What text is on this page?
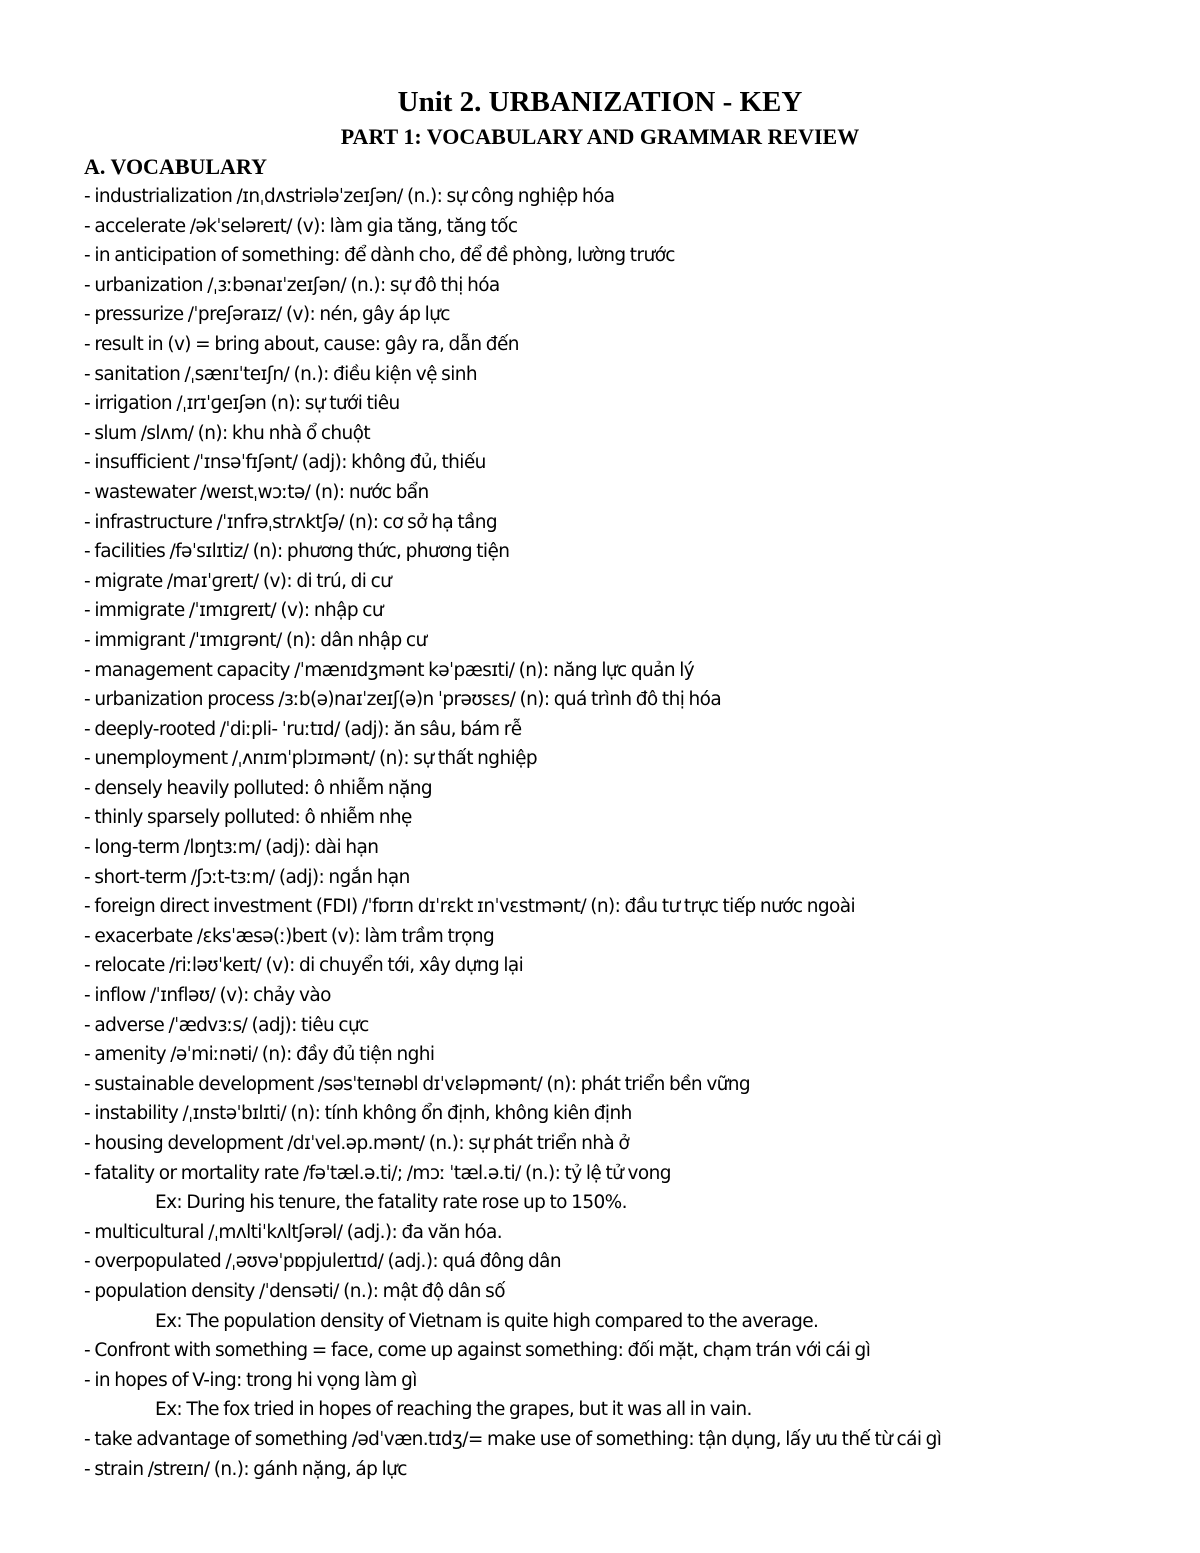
Unit 2. URBANIZATION - KEY
PART 1: VOCABULARY AND GRAMMAR REVIEW
A. VOCABULARY
- industrialization /ɪnˌdʌstriələˈzeɪʃən/ (n.): sự công nghiệp hóa
- accelerate /əkˈseləreɪt/ (v): làm gia tăng, tăng tốc
- in anticipation of something: để dành cho, để đề phòng, lường trước
- urbanization /ˌɜːbənaɪˈzeɪʃən/ (n.): sự đô thị hóa
- pressurize /ˈpreʃəraɪz/ (v): nén, gây áp lực
- result in (v) = bring about, cause: gây ra, dẫn đến
- sanitation /ˌsænɪˈteɪʃn/ (n.): điều kiện vệ sinh
- irrigation /ˌɪrɪˈɡeɪʃən (n): sự tưới tiêu
- slum /slʌm/ (n): khu nhà ổ chuột
- insufficient /ˈɪnsəˈfɪʃənt/ (adj): không đủ, thiếu
- wastewater /weɪstˌwɔːtə/ (n): nước bẩn
- infrastructure /ˈɪnfrəˌstrʌktʃə/ (n): cơ sở hạ tầng
- facilities /fəˈsɪlɪtiz/ (n): phương thức, phương tiện
- migrate /maɪˈɡreɪt/ (v): di trú, di cư
- immigrate /ˈɪmɪɡreɪt/ (v): nhập cư
- immigrant /ˈɪmɪɡrənt/ (n): dân nhập cư
- management capacity /ˈmænɪdʒmənt kəˈpæsɪti/ (n): năng lực quản lý
- urbanization process /ɜːb(ə)naɪˈzeɪʃ(ə)n ˈprəʊsɛs/ (n): quá trình đô thị hóa
- deeply-rooted /ˈdiːpli- ˈruːtɪd/ (adj): ăn sâu, bám rễ
- unemployment /ˌʌnɪmˈplɔɪmənt/ (n): sự thất nghiệp
- densely heavily polluted: ô nhiễm nặng
- thinly sparsely polluted: ô nhiễm nhẹ
- long-term /lɒŋtɜːm/ (adj): dài hạn
- short-term /ʃɔːt-tɜːm/ (adj): ngắn hạn
- foreign direct investment (FDI) /ˈfɒrɪn dɪˈrɛkt ɪnˈvɛstmənt/ (n): đầu tư trực tiếp nước ngoài
- exacerbate /ɛksˈæsə(ː)beɪt (v): làm trầm trọng
- relocate /riːləʊˈkeɪt/ (v): di chuyển tới, xây dựng lại
- inflow /ˈɪnfləʊ/ (v): chảy vào
- adverse /ˈædvɜːs/ (adj): tiêu cực
- amenity /əˈmiːnəti/ (n): đầy đủ tiện nghi
- sustainable development /səsˈteɪnəbl dɪˈvɛləpmənt/ (n): phát triển bền vững
- instability /ˌɪnstəˈbɪlɪti/ (n): tính không ổn định, không kiên định
- housing development /dɪˈvel.əp.mənt/ (n.): sự phát triển nhà ở
- fatality or mortality rate /fəˈtæl.ə.ti/; /mɔː ˈtæl.ə.ti/ (n.): tỷ lệ tử vong
Ex: During his tenure, the fatality rate rose up to 150%.
- multicultural /ˌmʌltiˈkʌltʃərəl/ (adj.): đa văn hóa.
- overpopulated /ˌəʊvəˈpɒpjuleɪtɪd/ (adj.): quá đông dân
- population density /ˈdensəti/ (n.): mật độ dân số
Ex: The population density of Vietnam is quite high compared to the average.
- Confront with something = face, come up against something: đối mặt, chạm trán với cái gì
- in hopes of V-ing: trong hi vọng làm gì
Ex: The fox tried in hopes of reaching the grapes, but it was all in vain.
- take advantage of something /ədˈvæn.tɪdʒ/= make use of something: tận dụng, lấy ưu thế từ cái gì
- strain /streɪn/ (n.): gánh nặng, áp lực
